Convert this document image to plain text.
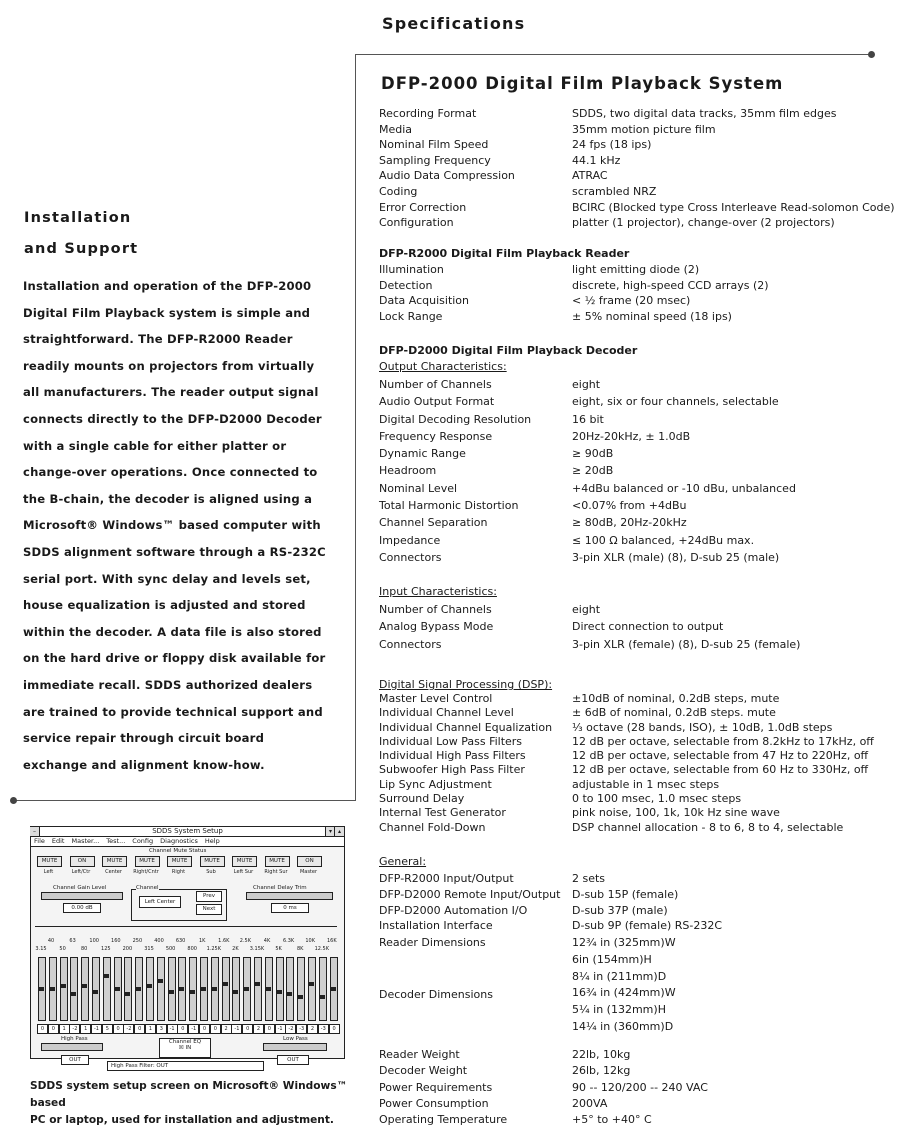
Specifications
Installation
and Support
Installation and operation of the DFP-2000
Digital Film Playback system is simple and
straightforward. The DFP-R2000 Reader
readily mounts on projectors from virtually
all manufacturers. The reader output signal
connects directly to the DFP-D2000 Decoder
with a single cable for either platter or
change-over operations. Once connected to
the B-chain, the decoder is aligned using a
Microsoft® Windows™ based computer with
SDDS alignment software through a RS-232C
serial port. With sync delay and levels set,
house equalization is adjusted and stored
within the decoder. A data file is also stored
on the hard drive or floppy disk available for
immediate recall. SDDS authorized dealers
are trained to provide technical support and
service repair through circuit board
exchange and alignment know-how.
–	SDDS System Setup	▾ ▴
File Edit Master... Test... Config Diagnostics Help
Channel Mute Status
MUTE
Left
ON
Left/Ctr
MUTE
Center
MUTE
Right/Cntr
MUTE
Right
MUTE
Sub
MUTE
Left Sur
MUTE
Right Sur
ON
Master
Channel Gain Level
0.00 dB
Channel
Left Center
Prev
Next
Channel Delay Trim
0 ms
40	63	100	160	250	400	630	1K	1.6K	2.5K	4K	6.3K	10K	16K
3.15	50	80	125	200	315	500	800	1.25K	2K	3.15K	5K	8K	12.5K
0	0	1	-2	1	-1	5	0	-2	0	1	3	-1	0	-1	0	0	2	-1	0	2	0	-1	-2	-3	2	-3	0
High Pass
OUT
Channel EQ
☒ IN
Low Pass
OUT
High Pass Filter: OUT
SDDS system setup screen on Microsoft® Windows™ based
PC or laptop, used for installation and adjustment.
DFP-2000 Digital Film Playback System
Recording Format	SDDS, two digital data tracks, 35mm film edges
Media	35mm motion picture film
Nominal Film Speed	24 fps (18 ips)
Sampling Frequency	44.1 kHz
Audio Data Compression	ATRAC
Coding	scrambled NRZ
Error Correction	BCIRC (Blocked type Cross Interleave Read-solomon Code)
Configuration	platter (1 projector), change-over (2 projectors)
DFP-R2000 Digital Film Playback Reader
Illumination	light emitting diode (2)
Detection	discrete, high-speed CCD arrays (2)
Data Acquisition	< ½ frame (20 msec)
Lock Range	± 5% nominal speed (18 ips)
DFP-D2000 Digital Film Playback Decoder
Output Characteristics:
Number of Channels	eight
Audio Output Format	eight, six or four channels, selectable
Digital Decoding Resolution	16 bit
Frequency Response	20Hz-20kHz, ± 1.0dB
Dynamic Range	≥ 90dB
Headroom	≥ 20dB
Nominal Level	+4dBu balanced or -10 dBu, unbalanced
Total Harmonic Distortion	<0.07% from +4dBu
Channel Separation	≥ 80dB, 20Hz-20kHz
Impedance	≤ 100 Ω balanced, +24dBu max.
Connectors	3-pin XLR (male) (8), D-sub 25 (male)
Input Characteristics:
Number of Channels	eight
Analog Bypass Mode	Direct connection to output
Connectors	3-pin XLR (female) (8), D-sub 25 (female)
Digital Signal Processing (DSP):
Master Level Control	±10dB of nominal, 0.2dB steps, mute
Individual Channel Level	± 6dB of nominal, 0.2dB steps. mute
Individual Channel Equalization	⅓ octave (28 bands, ISO), ± 10dB, 1.0dB steps
Individual Low Pass Filters	12 dB per octave, selectable from 8.2kHz to 17kHz, off
Individual High Pass Filters	12 dB per octave, selectable from 47 Hz to 220Hz, off
Subwoofer High Pass Filter	12 dB per octave, selectable from 60 Hz to 330Hz, off
Lip Sync Adjustment	adjustable in 1 msec steps
Surround Delay	0 to 100 msec, 1.0 msec steps
Internal Test Generator	pink noise, 100, 1k, 10k Hz sine wave
Channel Fold-Down	DSP channel allocation - 8 to 6, 8 to 4, selectable
General:
DFP-R2000 Input/Output	2 sets
DFP-D2000 Remote Input/Output	D-sub 15P (female)
DFP-D2000 Automation I/O	D-sub 37P (male)
Installation Interface	D-sub 9P (female) RS-232C
Reader Dimensions	12¾ in (325mm)W
6in (154mm)H
8¼ in (211mm)D
Decoder Dimensions	16¾ in (424mm)W
5¼ in (132mm)H
14¼ in (360mm)D
Reader Weight	22lb, 10kg
Decoder Weight	26lb, 12kg
Power Requirements	90 -- 120/200 -- 240 VAC
Power Consumption	200VA
Operating Temperature	+5° to +40° C
